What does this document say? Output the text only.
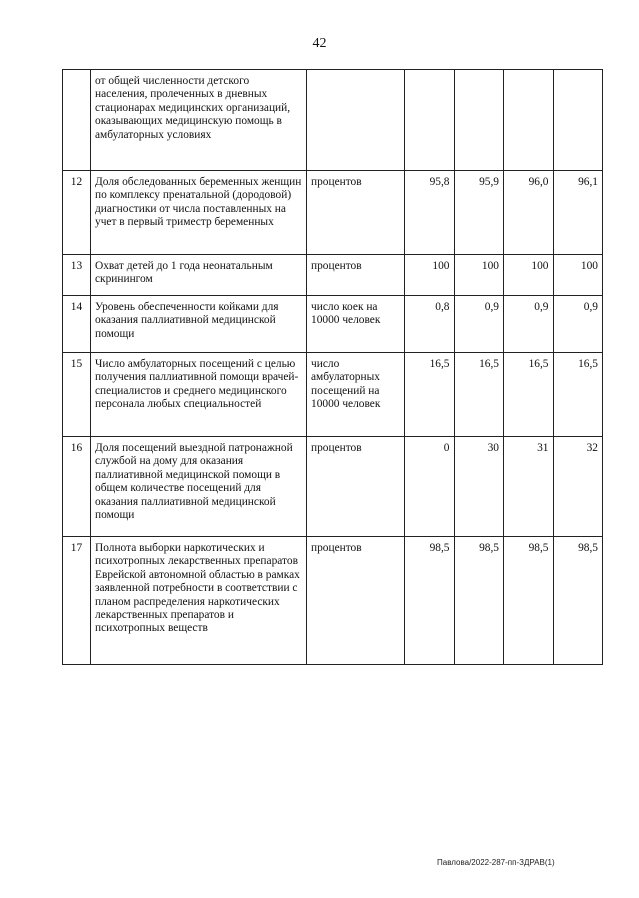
42
	от общей численности детского населения, пролеченных в дневных стационарах медицинских организаций, оказывающих медицинскую помощь в амбулаторных условиях					
12	Доля обследованных беременных женщин по комплексу пренатальной (дородовой) диагностики от числа поставленных на учет в первый триместр беременных	процентов	95,8	95,9	96,0	96,1
13	Охват детей до 1 года неонатальным скринингом	процентов	100	100	100	100
14	Уровень обеспеченности койками для оказания паллиативной медицинской помощи	число коек на 10000 человек	0,8	0,9	0,9	0,9
15	Число амбулаторных посещений с целью получения паллиативной помощи врачей-специалистов и среднего медицинского персонала любых специальностей	число амбулаторных посещений на 10000 человек	16,5	16,5	16,5	16,5
16	Доля посещений выездной патронажной службой на дому для оказания паллиативной медицинской помощи в общем количестве посещений для оказания паллиативной медицинской помощи	процентов	0	30	31	32
17	Полнота выборки наркотических и психотропных лекарственных препаратов Еврейской автономной областью в рамках заявленной потребности в соответствии с планом распределения наркотических лекарственных препаратов и психотропных веществ	процентов	98,5	98,5	98,5	98,5
Павлова/2022-287-пп-ЗДРАВ(1)
